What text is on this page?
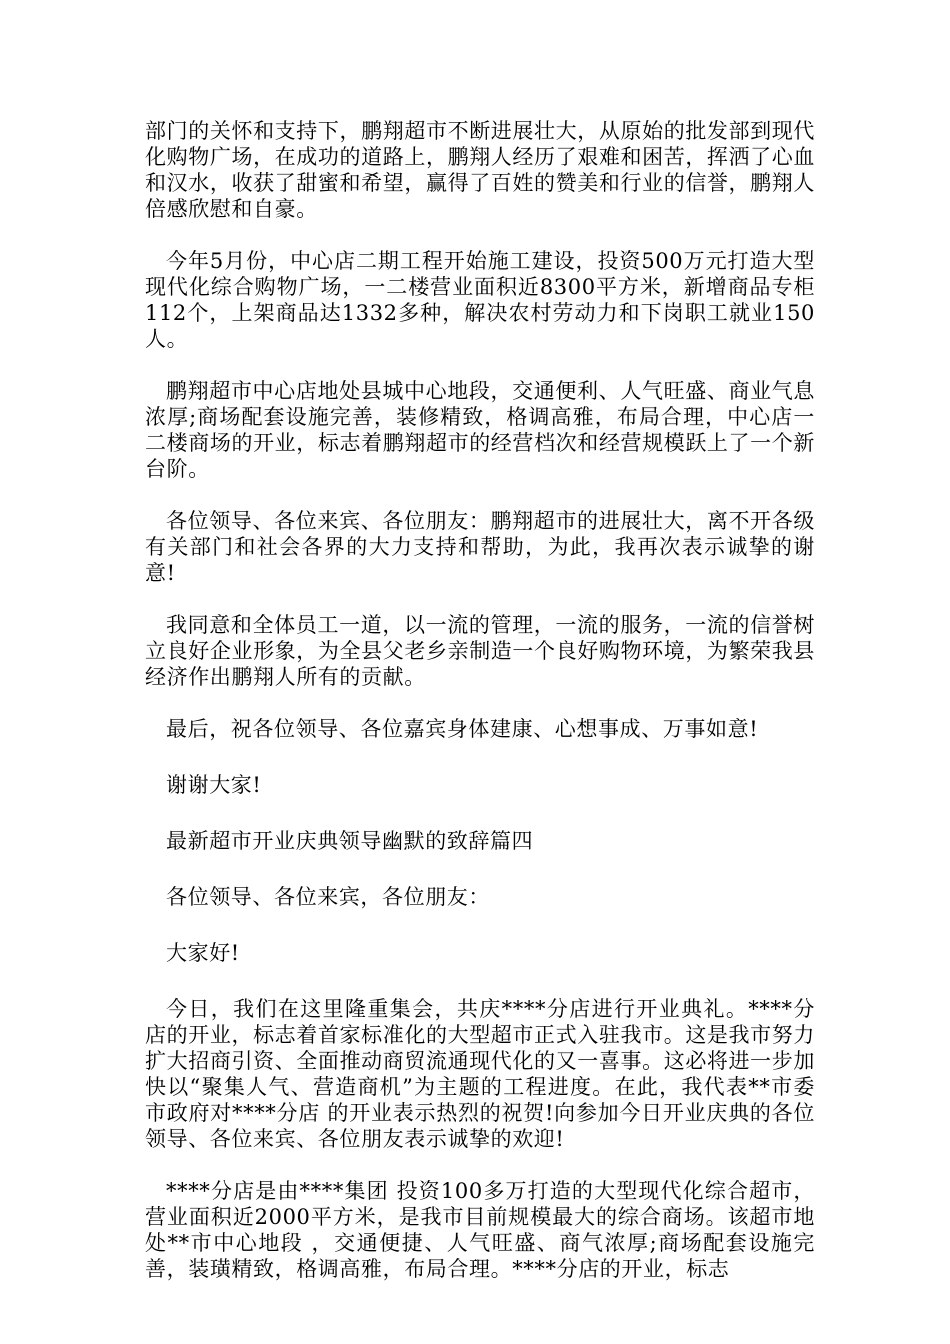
部门的关怀和支持下，鹏翔超市不断进展壮大，从原始的批发部到现代化购物广场，在成功的道路上，鹏翔人经历了艰难和困苦，挥洒了心血和汉水，收获了甜蜜和希望，赢得了百姓的赞美和行业的信誉，鹏翔人倍感欣慰和自豪。

今年5月份，中心店二期工程开始施工建设，投资500万元打造大型现代化综合购物广场，一二楼营业面积近8300平方米，新增商品专柜112个，上架商品达1332多种，解决农村劳动力和下岗职工就业150人。

鹏翔超市中心店地处县城中心地段，交通便利、人气旺盛、商业气息浓厚;商场配套设施完善，装修精致，格调高雅，布局合理，中心店一二楼商场的开业，标志着鹏翔超市的经营档次和经营规模跃上了一个新台阶。

各位领导、各位来宾、各位朋友：鹏翔超市的进展壮大，离不开各级有关部门和社会各界的大力支持和帮助，为此，我再次表示诚挚的谢意!

我同意和全体员工一道，以一流的管理，一流的服务，一流的信誉树立良好企业形象，为全县父老乡亲制造一个良好购物环境，为繁荣我县经济作出鹏翔人所有的贡献。

最后，祝各位领导、各位嘉宾身体建康、心想事成、万事如意!

谢谢大家!

最新超市开业庆典领导幽默的致辞篇四

各位领导、各位来宾，各位朋友：

大家好!

今日，我们在这里隆重集会，共庆****分店进行开业典礼。****分店的开业，标志着首家标准化的大型超市正式入驻我市。这是我市努力扩大招商引资、全面推动商贸流通现代化的又一喜事。这必将进一步加快以“聚集人气、营造商机”为主题的工程进度。在此，我代表**市委市政府对****分店 的开业表示热烈的祝贺!向参加今日开业庆典的各位领导、各位来宾、各位朋友表示诚挚的欢迎!

****分店是由****集团 投资100多万打造的大型现代化综合超市，营业面积近2000平方米，是我市目前规模最大的综合商场。该超市地处**市中心地段 ，交通便捷、人气旺盛、商气浓厚;商场配套设施完善，装璜精致，格调高雅，布局合理。****分店的开业，标志
